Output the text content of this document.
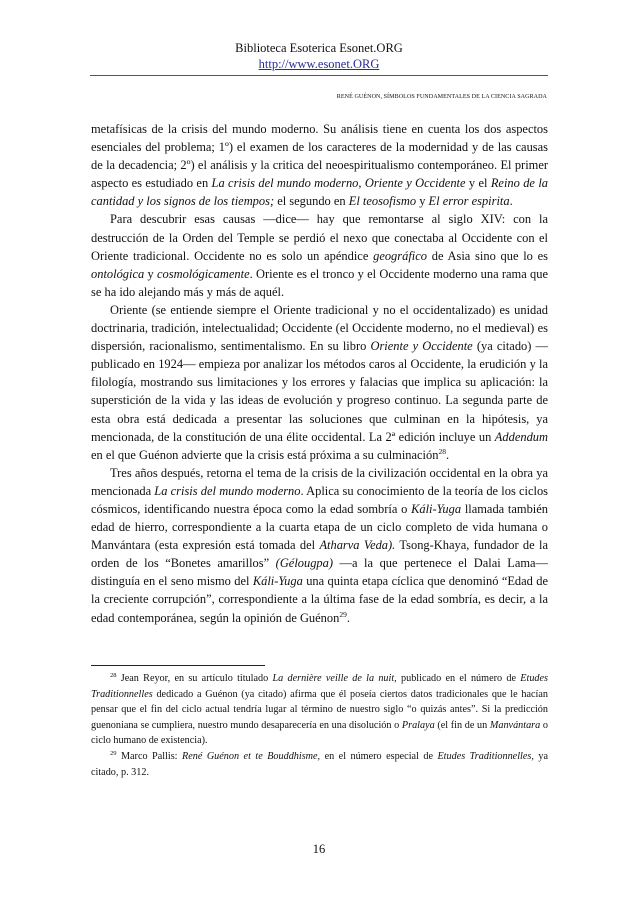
Biblioteca Esoterica Esonet.ORG
http://www.esonet.ORG
RENÉ GUÉNON, SÍMBOLOS FUNDAMENTALES DE LA CIENCIA SAGRADA

metafísicas de la crisis del mundo moderno. Su análisis tiene en cuenta los dos aspectos esenciales del problema; 1º) el examen de los caracteres de la modernidad y de las causas de la decadencia; 2º) el análisis y la critica del neoespiritualismo contemporáneo. El primer aspecto es estudiado en La crisis del mundo moderno, Oriente y Occidente y el Reino de la cantidad y los signos de los tiempos; el segundo en El teosofismo y El error espirita.

Para descubrir esas causas —dice— hay que remontarse al siglo XIV: con la destrucción de la Orden del Temple se perdió el nexo que conectaba al Occidente con el Oriente tradicional. Occidente no es solo un apéndice geográfico de Asia sino que lo es ontológica y cosmológicamente. Oriente es el tronco y el Occidente moderno una rama que se ha ido alejando más y más de aquél.

Oriente (se entiende siempre el Oriente tradicional y no el occidentalizado) es unidad doctrinaria, tradición, intelectualidad; Occidente (el Occidente moderno, no el medieval) es dispersión, racionalismo, sentimentalismo. En su libro Oriente y Occidente (ya citado) —publicado en 1924— empieza por analizar los métodos caros al Occidente, la erudición y la filología, mostrando sus limitaciones y los errores y falacias que implica su aplicación: la superstición de la vida y las ideas de evolución y progreso continuo. La segunda parte de esta obra está dedicada a presentar las soluciones que culminan en la hipótesis, ya mencionada, de la constitución de una élite occidental. La 2ª edición incluye un Addendum en el que Guénon advierte que la crisis está próxima a su culminación$^{28}$.

Tres años después, retorna el tema de la crisis de la civilización occidental en la obra ya mencionada La crisis del mundo moderno. Aplica su conocimiento de la teoría de los ciclos cósmicos, identificando nuestra época como la edad sombría o Káli-Yuga llamada también edad de hierro, correspondiente a la cuarta etapa de un ciclo completo de vida humana o Manvántara (esta expresión está tomada del Atharva Veda). Tsong-Khaya, fundador de la orden de los “Bonetes amarillos” (Gélougpa) —a la que pertenece el Dalai Lama— distinguía en el seno mismo del Káli-Yuga una quinta etapa cíclica que denominó “Edad de la creciente corrupción”, correspondiente a la última fase de la edad sombría, es decir, a la edad contemporánea, según la opinión de Guénon$^{29}$.

$^{28}$ Jean Reyor, en su artículo titulado La dernière veille de la nuit, publicado en el número de Etudes Traditionnelles dedicado a Guénon (ya citado) afirma que él poseía ciertos datos tradicionales que le hacían pensar que el fin del ciclo actual tendría lugar al término de nuestro siglo “o quizás antes”. Si la predicción guenoniana se cumpliera, nuestro mundo desaparecería en una disolución o Pralaya (el fin de un Manvántara o ciclo humano de existencia).

$^{29}$ Marco Pallis: René Guénon et te Bouddhisme, en el número especial de Etudes Traditionnelles, ya citado, p. 312.

16
